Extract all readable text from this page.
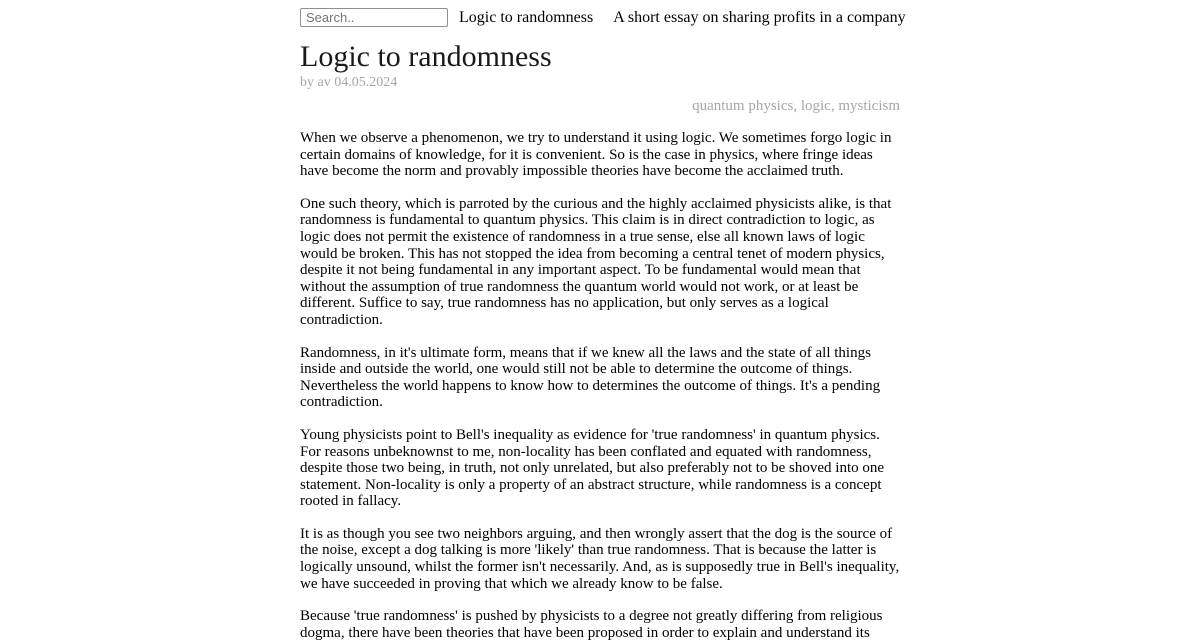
Search..
Logic to randomness A short essay on sharing profits in a company
Logic to randomness
by av 04.05.2024
quantum physics, logic, mysticism

When we observe a phenomenon, we try to understand it using logic. We sometimes forgo logic in certain domains of knowledge, for it is convenient. So is the case in physics, where fringe ideas have become the norm and provably impossible theories have become the acclaimed truth.

One such theory, which is parroted by the curious and the highly acclaimed physicists alike, is that randomness is fundamental to quantum physics. This claim is in direct contradiction to logic, as logic does not permit the existence of randomness in a true sense, else all known laws of logic would be broken. This has not stopped the idea from becoming a central tenet of modern physics, despite it not being fundamental in any important aspect. To be fundamental would mean that without the assumption of true randomness the quantum world would not work, or at least be different. Suffice to say, true randomness has no application, but only serves as a logical contradiction.

Randomness, in it's ultimate form, means that if we knew all the laws and the state of all things inside and outside the world, one would still not be able to determine the outcome of things. Nevertheless the world happens to know how to determines the outcome of things. It's a pending contradiction.

Young physicists point to Bell's inequality as evidence for 'true randomness' in quantum physics. For reasons unbeknownst to me, non-locality has been conflated and equated with randomness, despite those two being, in truth, not only unrelated, but also preferably not to be shoved into one statement. Non-locality is only a property of an abstract structure, while randomness is a concept rooted in fallacy.

It is as though you see two neighbors arguing, and then wrongly assert that the dog is the source of the noise, except a dog talking is more 'likely' than true randomness. That is because the latter is logically unsound, whilst the former isn't necessarily. And, as is supposedly true in Bell's inequality, we have succeeded in proving that which we already know to be false.

Because 'true randomness' is pushed by physicists to a degree not greatly differing from religious dogma, there have been theories that have been proposed in order to explain and understand its
